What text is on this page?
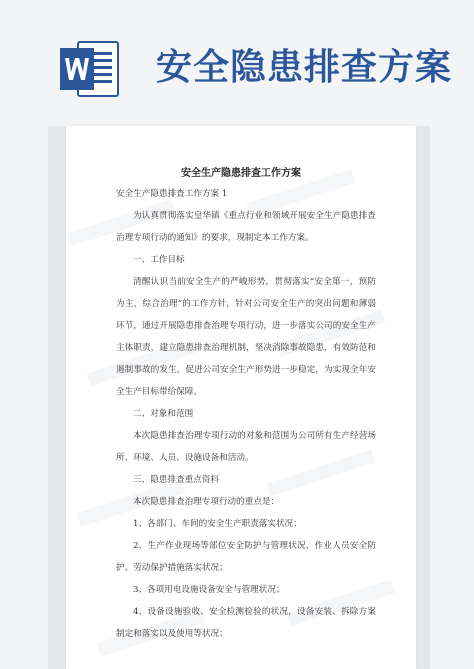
安全隐患排查方案
安全生产隐患排查工作方案

安全生产隐患排查工作方案 1

为认真贯彻落实皇华镇《重点行业和领域开展安全生产隐患排查治理专项行动的通知》的要求，现制定本工作方案。

一、工作目标

清醒认识当前安全生产的严峻形势，贯彻落实“安全第一，预防为主，综合治理”的工作方针，针对公司安全生产的突出问题和薄弱环节，通过开展隐患排查治理专项行动，进一步落实公司的安全生产主体职责，建立隐患排查治理机制，坚决消除事故隐患，有效防范和遏制事故的发生，促进公司安全生产形势进一步稳定，为实现全年安全生产目标带给保障。

二、对象和范围

本次隐患排查治理专项行动的对象和范围为公司所有生产经营场所、环境、人员、设施设备和活动。

三、隐患排查重点资料

本次隐患排查治理专项行动的重点是：

1、各部门、车间的安全生产职责落实状况；

2、生产作业现场等部位安全防护与管理状况，作业人员安全防护、劳动保护措施落实状况；

3、各项用电设施设备安全与管理状况；

4、设备设施验收、安全检测检验的状况，设备安装、拆除方案制定和落实以及使用等状况；
